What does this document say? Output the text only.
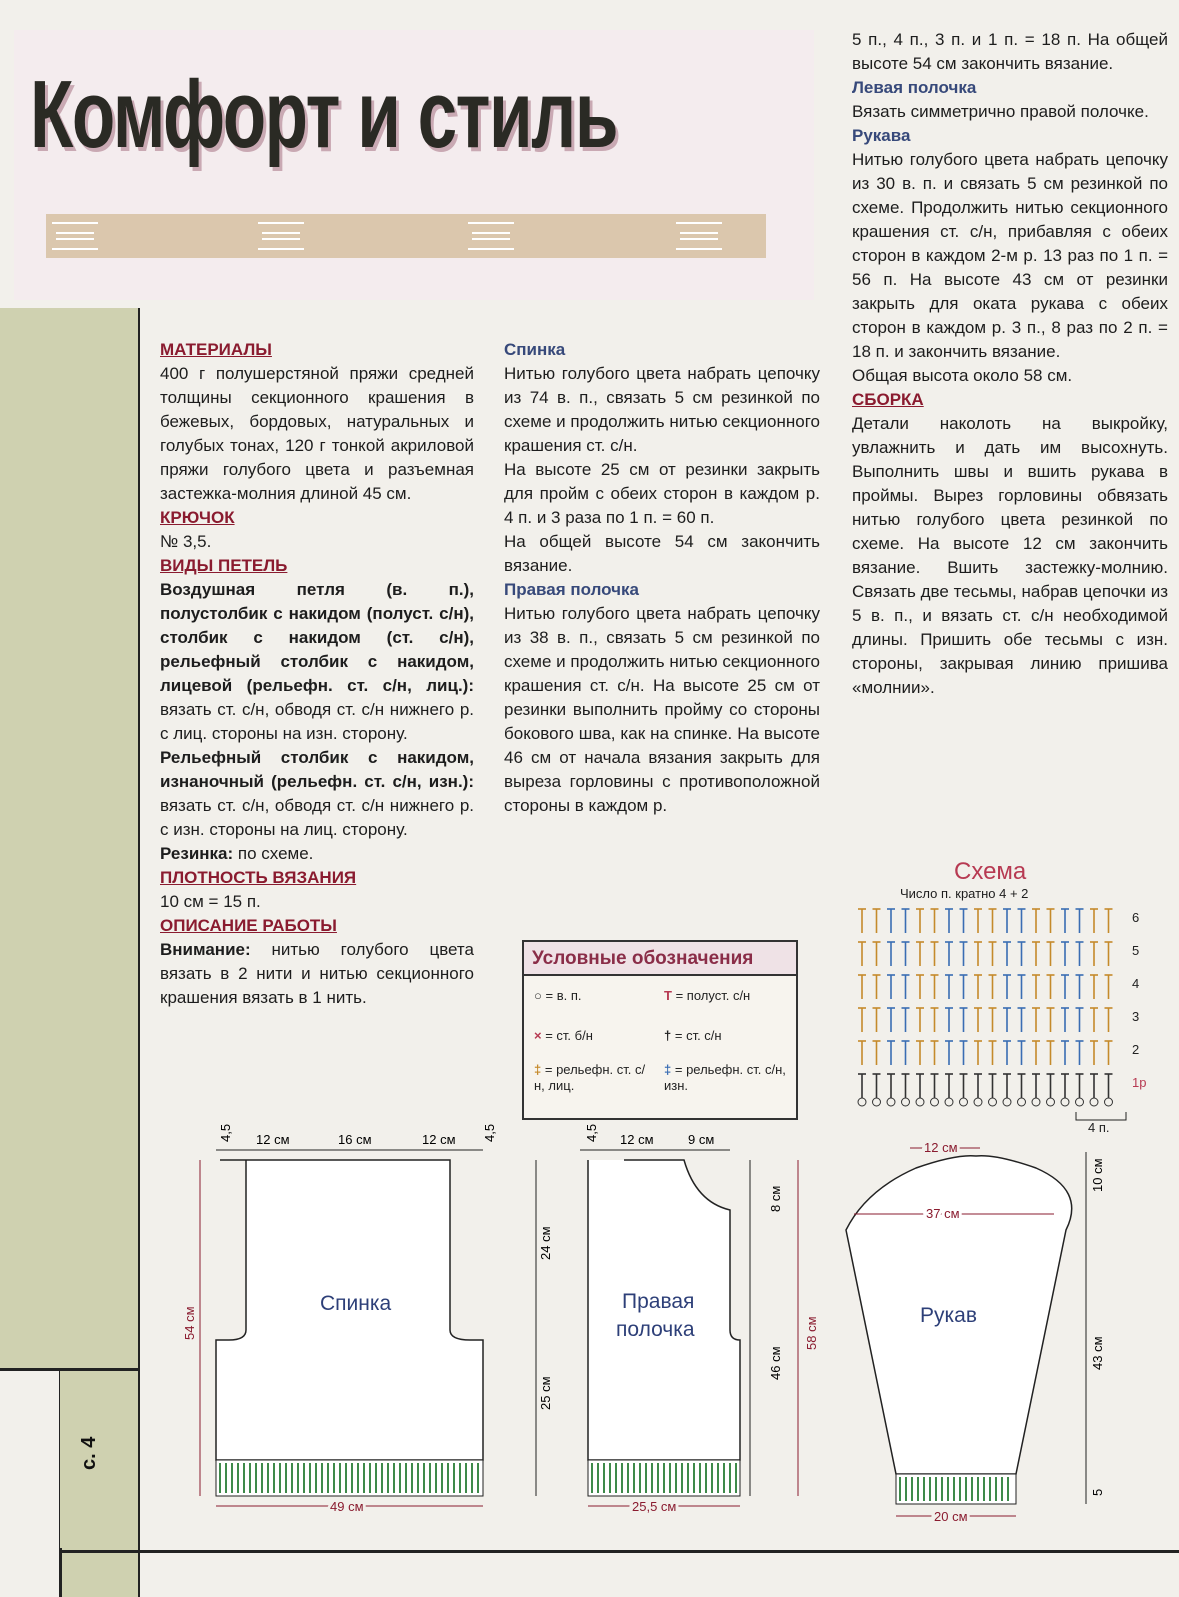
Комфорт и стиль
с. 4

МАТЕРИАЛЫ

400 г полушерстяной пряжи средней толщины секционного крашения в бежевых, бордовых, натуральных и голубых тонах, 120 г тонкой акриловой пряжи голубого цвета и разъемная застежка-молния длиной 45 см.

КРЮЧОК

№ 3,5.

ВИДЫ ПЕТЕЛЬ

Воздушная петля (в. п.), полустолбик с накидом (полуст. с/н), столбик с накидом (ст. с/н), рельефный столбик с накидом, лицевой (рельефн. ст. с/н, лиц.): вязать ст. с/н, обводя ст. с/н нижнего р. с лиц. стороны на изн. сторону.

Рельефный столбик с накидом, изнаночный (рельефн. ст. с/н, изн.): вязать ст. с/н, обводя ст. с/н нижнего р. с изн. стороны на лиц. сторону.

Резинка: по схеме.

ПЛОТНОСТЬ ВЯЗАНИЯ

10 см = 15 п.

ОПИСАНИЕ РАБОТЫ

Внимание: нитью голубого цвета вязать в 2 нити и нитью секционного крашения вязать в 1 нить.

Спинка

Нитью голубого цвета набрать цепочку из 74 в. п., связать 5 см резинкой по схеме и продолжить нитью секционного крашения ст. с/н.

На высоте 25 см от резинки закрыть для пройм с обеих сторон в каждом р. 4 п. и 3 раза по 1 п. = 60 п.

На общей высоте 54 см закончить вязание.

Правая полочка

Нитью голубого цвета набрать цепочку из 38 в. п., связать 5 см резинкой по схеме и продолжить нитью секционного крашения ст. с/н. На высоте 25 см от резинки выполнить пройму со стороны бокового шва, как на спинке. На высоте 46 см от начала вязания закрыть для выреза горловины с противоположной стороны в каждом р.

5 п., 4 п., 3 п. и 1 п. = 18 п. На общей высоте 54 см закончить вязание.

Левая полочка

Вязать симметрично правой полочке.

Рукава

Нитью голубого цвета набрать цепочку из 30 в. п. и связать 5 см резинкой по схеме. Продолжить нитью секционного крашения ст. с/н, прибавляя с обеих сторон в каждом 2-м р. 13 раз по 1 п. = 56 п. На высоте 43 см от резинки закрыть для оката рукава с обеих сторон в каждом р. 3 п., 8 раз по 2 п. = 18 п. и закончить вязание.

Общая высота около 58 см.

СБОРКА

Детали наколоть на выкройку, увлажнить и дать им высохнуть. Выполнить швы и вшить рукава в проймы. Вырез горловины обвязать нитью голубого цвета резинкой по схеме. На высоте 12 см закончить вязание. Вшить застежку-молнию. Связать две тесьмы, набрав цепочки из 5 в. п., и вязать ст. с/н необходимой длины. Пришить обе тесьмы с изн. стороны, закрывая линию пришива «молнии».

Условные обозначения
○ = в. п.	T = полуст. с/н
× = ст. б/н	† = ст. с/н
‡ = рельефн. ст. с/н, лиц.
‡ = рельефн. ст. с/н, изн.
Схема
Число п. кратно 4 + 2
6
5
4
3
2
1р
4 п.
4,5 12 см	16 см	12 см 4,5
54 см
24 см
25 см
49 см
Спинка
4,5 12 см	9 см
8 см
46 см
58 см
25,5 см
Правая
полочка
12 см
37 см
10 см
43 см
5
20 см
Рукав
